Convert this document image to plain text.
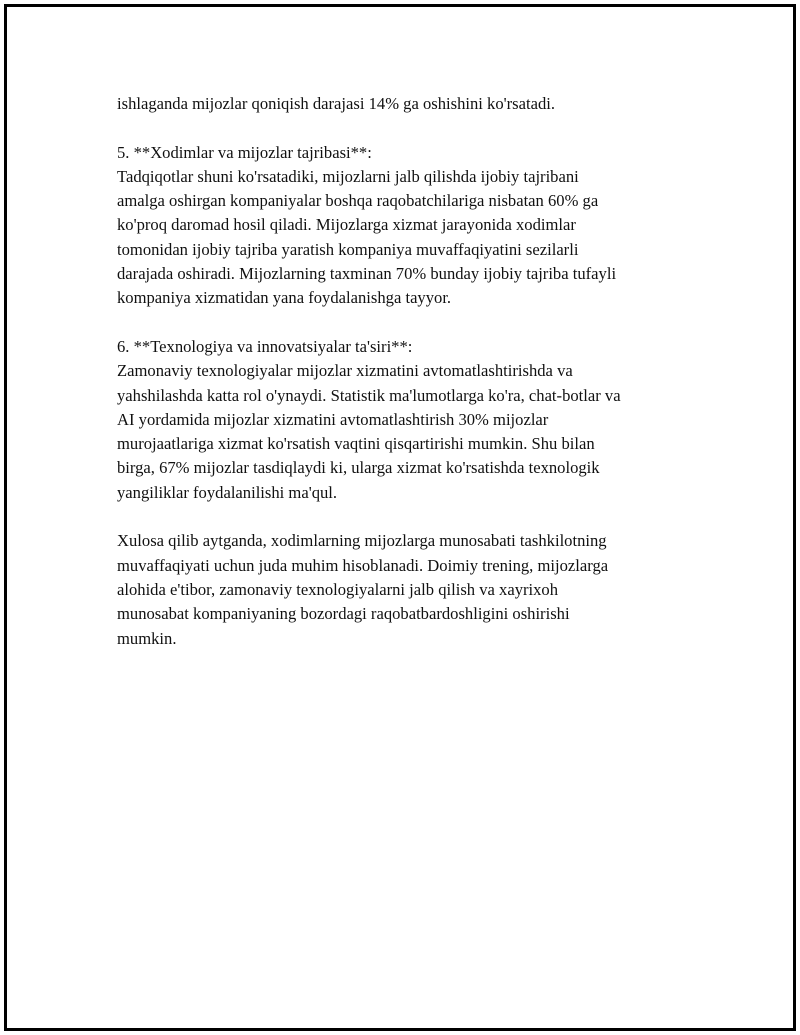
ishlaganda mijozlar qoniqish darajasi 14% ga oshishini ko'rsatadi.

5. **Xodimlar va mijozlar tajribasi**:

Tadqiqotlar shuni ko'rsatadiki, mijozlarni jalb qilishda ijobiy tajribani
amalga oshirgan kompaniyalar boshqa raqobatchilariga nisbatan 60% ga
ko'proq daromad hosil qiladi. Mijozlarga xizmat jarayonida xodimlar
tomonidan ijobiy tajriba yaratish kompaniya muvaffaqiyatini sezilarli
darajada oshiradi. Mijozlarning taxminan 70% bunday ijobiy tajriba tufayli
kompaniya xizmatidan yana foydalanishga tayyor.

6. **Texnologiya va innovatsiyalar ta'siri**:

Zamonaviy texnologiyalar mijozlar xizmatini avtomatlashtirishda va
yahshilashda katta rol o'ynaydi. Statistik ma'lumotlarga ko'ra, chat-botlar va
AI yordamida mijozlar xizmatini avtomatlashtirish 30% mijozlar
murojaatlariga xizmat ko'rsatish vaqtini qisqartirishi mumkin. Shu bilan
birga, 67% mijozlar tasdiqlaydi ki, ularga xizmat ko'rsatishda texnologik
yangiliklar foydalanilishi ma'qul.

Xulosa qilib aytganda, xodimlarning mijozlarga munosabati tashkilotning
muvaffaqiyati uchun juda muhim hisoblanadi. Doimiy trening, mijozlarga
alohida e'tibor, zamonaviy texnologiyalarni jalb qilish va xayrixoh
munosabat kompaniyaning bozordagi raqobatbardoshligini oshirishi
mumkin.
